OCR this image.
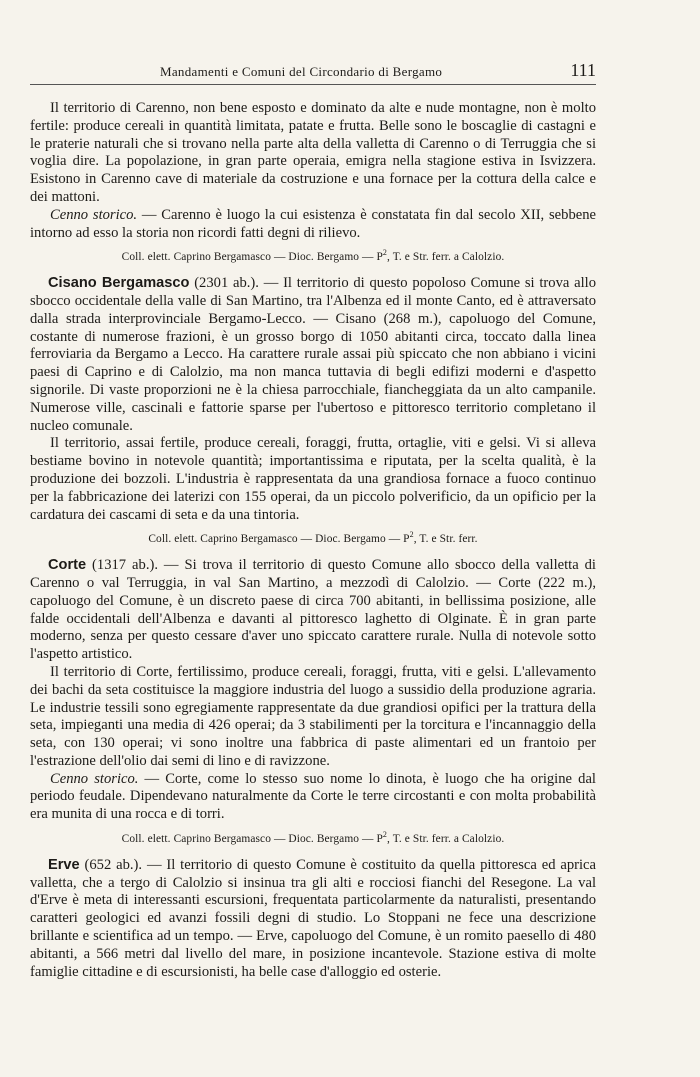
Mandamenti e Comuni del Circondario di Bergamo	111

Il territorio di Carenno, non bene esposto e dominato da alte e nude montagne, non è molto fertile: produce cereali in quantità limitata, patate e frutta. Belle sono le boscaglie di castagni e le praterie naturali che si trovano nella parte alta della valletta di Carenno o di Terruggia che si voglia dire. La popolazione, in gran parte operaia, emigra nella stagione estiva in Isvizzera. Esistono in Carenno cave di materiale da costruzione e una fornace per la cottura della calce e dei mattoni.

Cenno storico. — Carenno è luogo la cui esistenza è constatata fin dal secolo XII, sebbene intorno ad esso la storia non ricordi fatti degni di rilievo.

Coll. elett. Caprino Bergamasco — Dioc. Bergamo — $P^2$, T. e Str. ferr. a Calolzio.

Cisano Bergamasco (2301 ab.). — Il territorio di questo popoloso Comune si trova allo sbocco occidentale della valle di San Martino, tra l'Albenza ed il monte Canto, ed è attraversato dalla strada interprovinciale Bergamo-Lecco. — Cisano (268 m.), capoluogo del Comune, costante di numerose frazioni, è un grosso borgo di 1050 abitanti circa, toccato dalla linea ferroviaria da Bergamo a Lecco. Ha carattere rurale assai più spiccato che non abbiano i vicini paesi di Caprino e di Calolzio, ma non manca tuttavia di begli edifizi moderni e d'aspetto signorile. Di vaste proporzioni ne è la chiesa parrocchiale, fiancheggiata da un alto campanile. Numerose ville, cascinali e fattorie sparse per l'ubertoso e pittoresco territorio completano il nucleo comunale.

Il territorio, assai fertile, produce cereali, foraggi, frutta, ortaglie, viti e gelsi. Vi si alleva bestiame bovino in notevole quantità; importantissima e riputata, per la scelta qualità, è la produzione dei bozzoli. L'industria è rappresentata da una grandiosa fornace a fuoco continuo per la fabbricazione dei laterizi con 155 operai, da un piccolo polverificio, da un opificio per la cardatura dei cascami di seta e da una tintoria.

Coll. elett. Caprino Bergamasco — Dioc. Bergamo — $P^2$, T. e Str. ferr.

Corte (1317 ab.). — Si trova il territorio di questo Comune allo sbocco della valletta di Carenno o val Terruggia, in val San Martino, a mezzodì di Calolzio. — Corte (222 m.), capoluogo del Comune, è un discreto paese di circa 700 abitanti, in bellissima posizione, alle falde occidentali dell'Albenza e davanti al pittoresco laghetto di Olginate. È in gran parte moderno, senza per questo cessare d'aver uno spiccato carattere rurale. Nulla di notevole sotto l'aspetto artistico.

Il territorio di Corte, fertilissimo, produce cereali, foraggi, frutta, viti e gelsi. L'allevamento dei bachi da seta costituisce la maggiore industria del luogo a sussidio della produzione agraria. Le industrie tessili sono egregiamente rappresentate da due grandiosi opifici per la trattura della seta, impieganti una media di 426 operai; da 3 stabilimenti per la torcitura e l'incannaggio della seta, con 130 operai; vi sono inoltre una fabbrica di paste alimentari ed un frantoio per l'estrazione dell'olio dai semi di lino e di ravizzone.

Cenno storico. — Corte, come lo stesso suo nome lo dinota, è luogo che ha origine dal periodo feudale. Dipendevano naturalmente da Corte le terre circostanti e con molta probabilità era munita di una rocca e di torri.

Coll. elett. Caprino Bergamasco — Dioc. Bergamo — $P^2$, T. e Str. ferr. a Calolzio.

Erve (652 ab.). — Il territorio di questo Comune è costituito da quella pittoresca ed aprica valletta, che a tergo di Calolzio si insinua tra gli alti e rocciosi fianchi del Resegone. La val d'Erve è meta di interessanti escursioni, frequentata particolarmente da naturalisti, presentando caratteri geologici ed avanzi fossili degni di studio. Lo Stoppani ne fece una descrizione brillante e scientifica ad un tempo. — Erve, capoluogo del Comune, è un romito paesello di 480 abitanti, a 566 metri dal livello del mare, in posizione incantevole. Stazione estiva di molte famiglie cittadine e di escursionisti, ha belle case d'alloggio ed osterie.
